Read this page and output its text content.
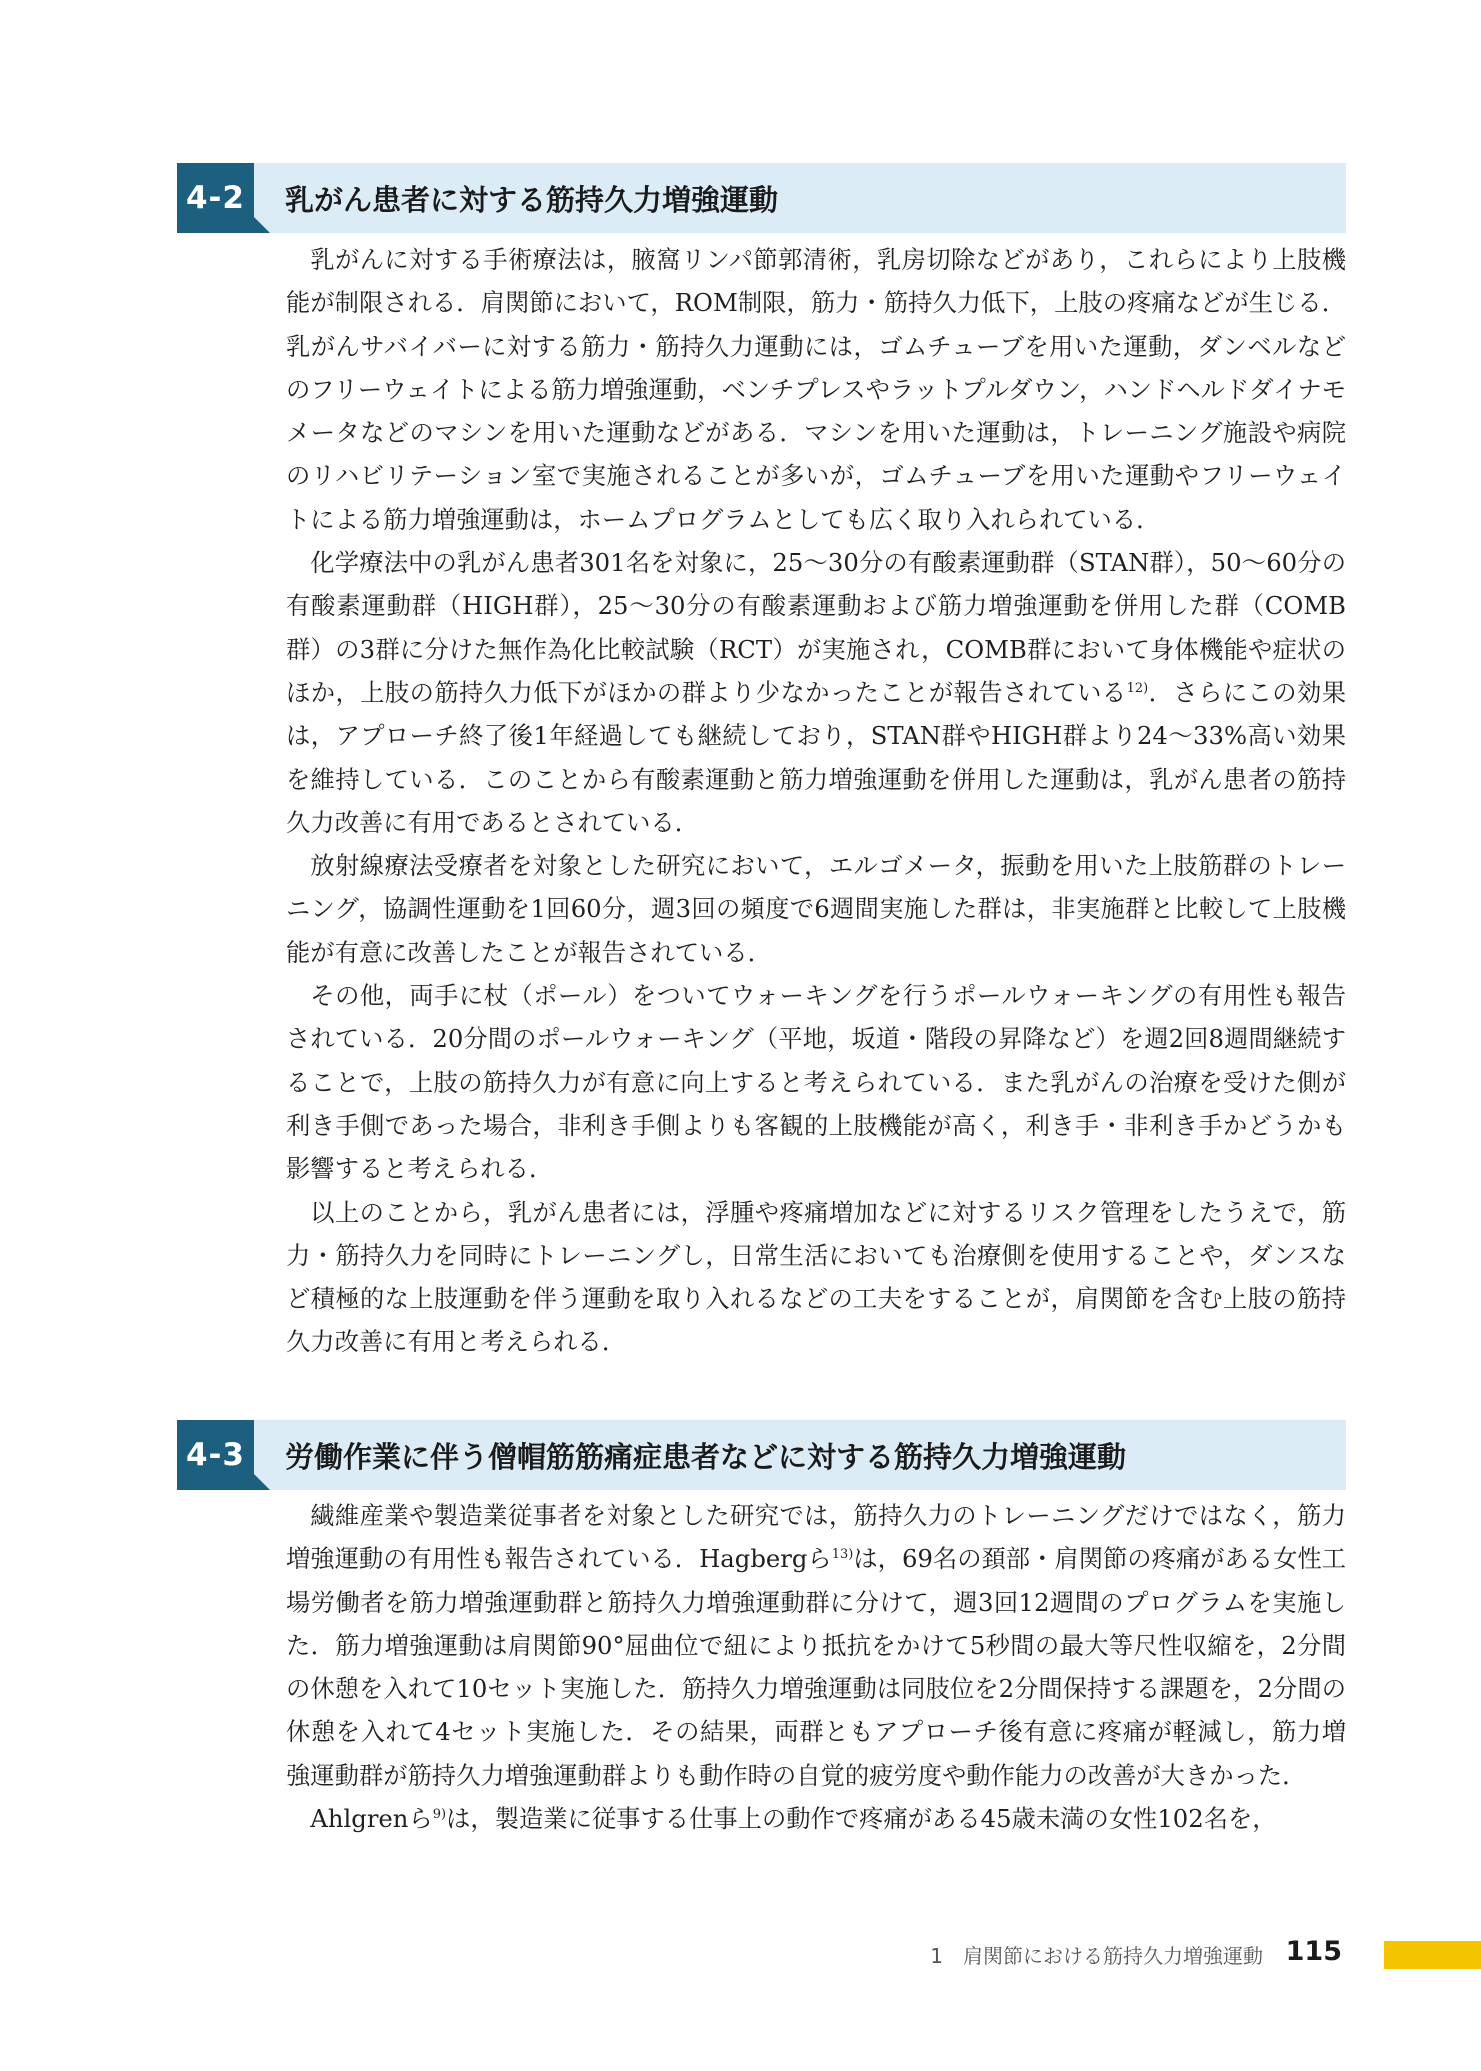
4-2	乳がん患者に対する筋持久力増強運動

乳がんに対する手術療法は，腋窩リンパ節郭清術，乳房切除などがあり，これらにより上肢機能が制限される．肩関節において，ROM制限，筋力・筋持久力低下，上肢の疼痛などが生じる．乳がんサバイバーに対する筋力・筋持久力運動には，ゴムチューブを用いた運動，ダンベルなどのフリーウェイトによる筋力増強運動，ベンチプレスやラットプルダウン，ハンドヘルドダイナモメータなどのマシンを用いた運動などがある．マシンを用いた運動は，トレーニング施設や病院のリハビリテーション室で実施されることが多いが，ゴムチューブを用いた運動やフリーウェイトによる筋力増強運動は，ホームプログラムとしても広く取り入れられている．

化学療法中の乳がん患者301名を対象に，25～30分の有酸素運動群（STAN群），50～60分の有酸素運動群（HIGH群），25～30分の有酸素運動および筋力増強運動を併用した群（COMB群）の3群に分けた無作為化比較試験（RCT）が実施され，COMB群において身体機能や症状のほか，上肢の筋持久力低下がほかの群より少なかったことが報告されている$^{12)}$．さらにこの効果は，アプローチ終了後1年経過しても継続しており，STAN群やHIGH群より24～33%高い効果を維持している．このことから有酸素運動と筋力増強運動を併用した運動は，乳がん患者の筋持久力改善に有用であるとされている．

放射線療法受療者を対象とした研究において，エルゴメータ，振動を用いた上肢筋群のトレーニング，協調性運動を1回60分，週3回の頻度で6週間実施した群は，非実施群と比較して上肢機能が有意に改善したことが報告されている．

その他，両手に杖（ポール）をついてウォーキングを行うポールウォーキングの有用性も報告されている．20分間のポールウォーキング（平地，坂道・階段の昇降など）を週2回8週間継続することで，上肢の筋持久力が有意に向上すると考えられている．また乳がんの治療を受けた側が利き手側であった場合，非利き手側よりも客観的上肢機能が高く，利き手・非利き手かどうかも影響すると考えられる．

以上のことから，乳がん患者には，浮腫や疼痛増加などに対するリスク管理をしたうえで，筋力・筋持久力を同時にトレーニングし，日常生活においても治療側を使用することや，ダンスなど積極的な上肢運動を伴う運動を取り入れるなどの工夫をすることが，肩関節を含む上肢の筋持久力改善に有用と考えられる．

4-3	労働作業に伴う僧帽筋筋痛症患者などに対する筋持久力増強運動

繊維産業や製造業従事者を対象とした研究では，筋持久力のトレーニングだけではなく，筋力増強運動の有用性も報告されている．Hagbergら$^{13)}$は，69名の頚部・肩関節の疼痛がある女性工場労働者を筋力増強運動群と筋持久力増強運動群に分けて，週3回12週間のプログラムを実施した．筋力増強運動は肩関節90°屈曲位で紐により抵抗をかけて5秒間の最大等尺性収縮を，2分間の休憩を入れて10セット実施した．筋持久力増強運動は同肢位を2分間保持する課題を，2分間の休憩を入れて4セット実施した．その結果，両群ともアプローチ後有意に疼痛が軽減し，筋力増強運動群が筋持久力増強運動群よりも動作時の自覚的疲労度や動作能力の改善が大きかった．

Ahlgrenら$^{9)}$は，製造業に従事する仕事上の動作で疼痛がある45歳未満の女性102名を，

1　肩関節における筋持久力増強運動 115
